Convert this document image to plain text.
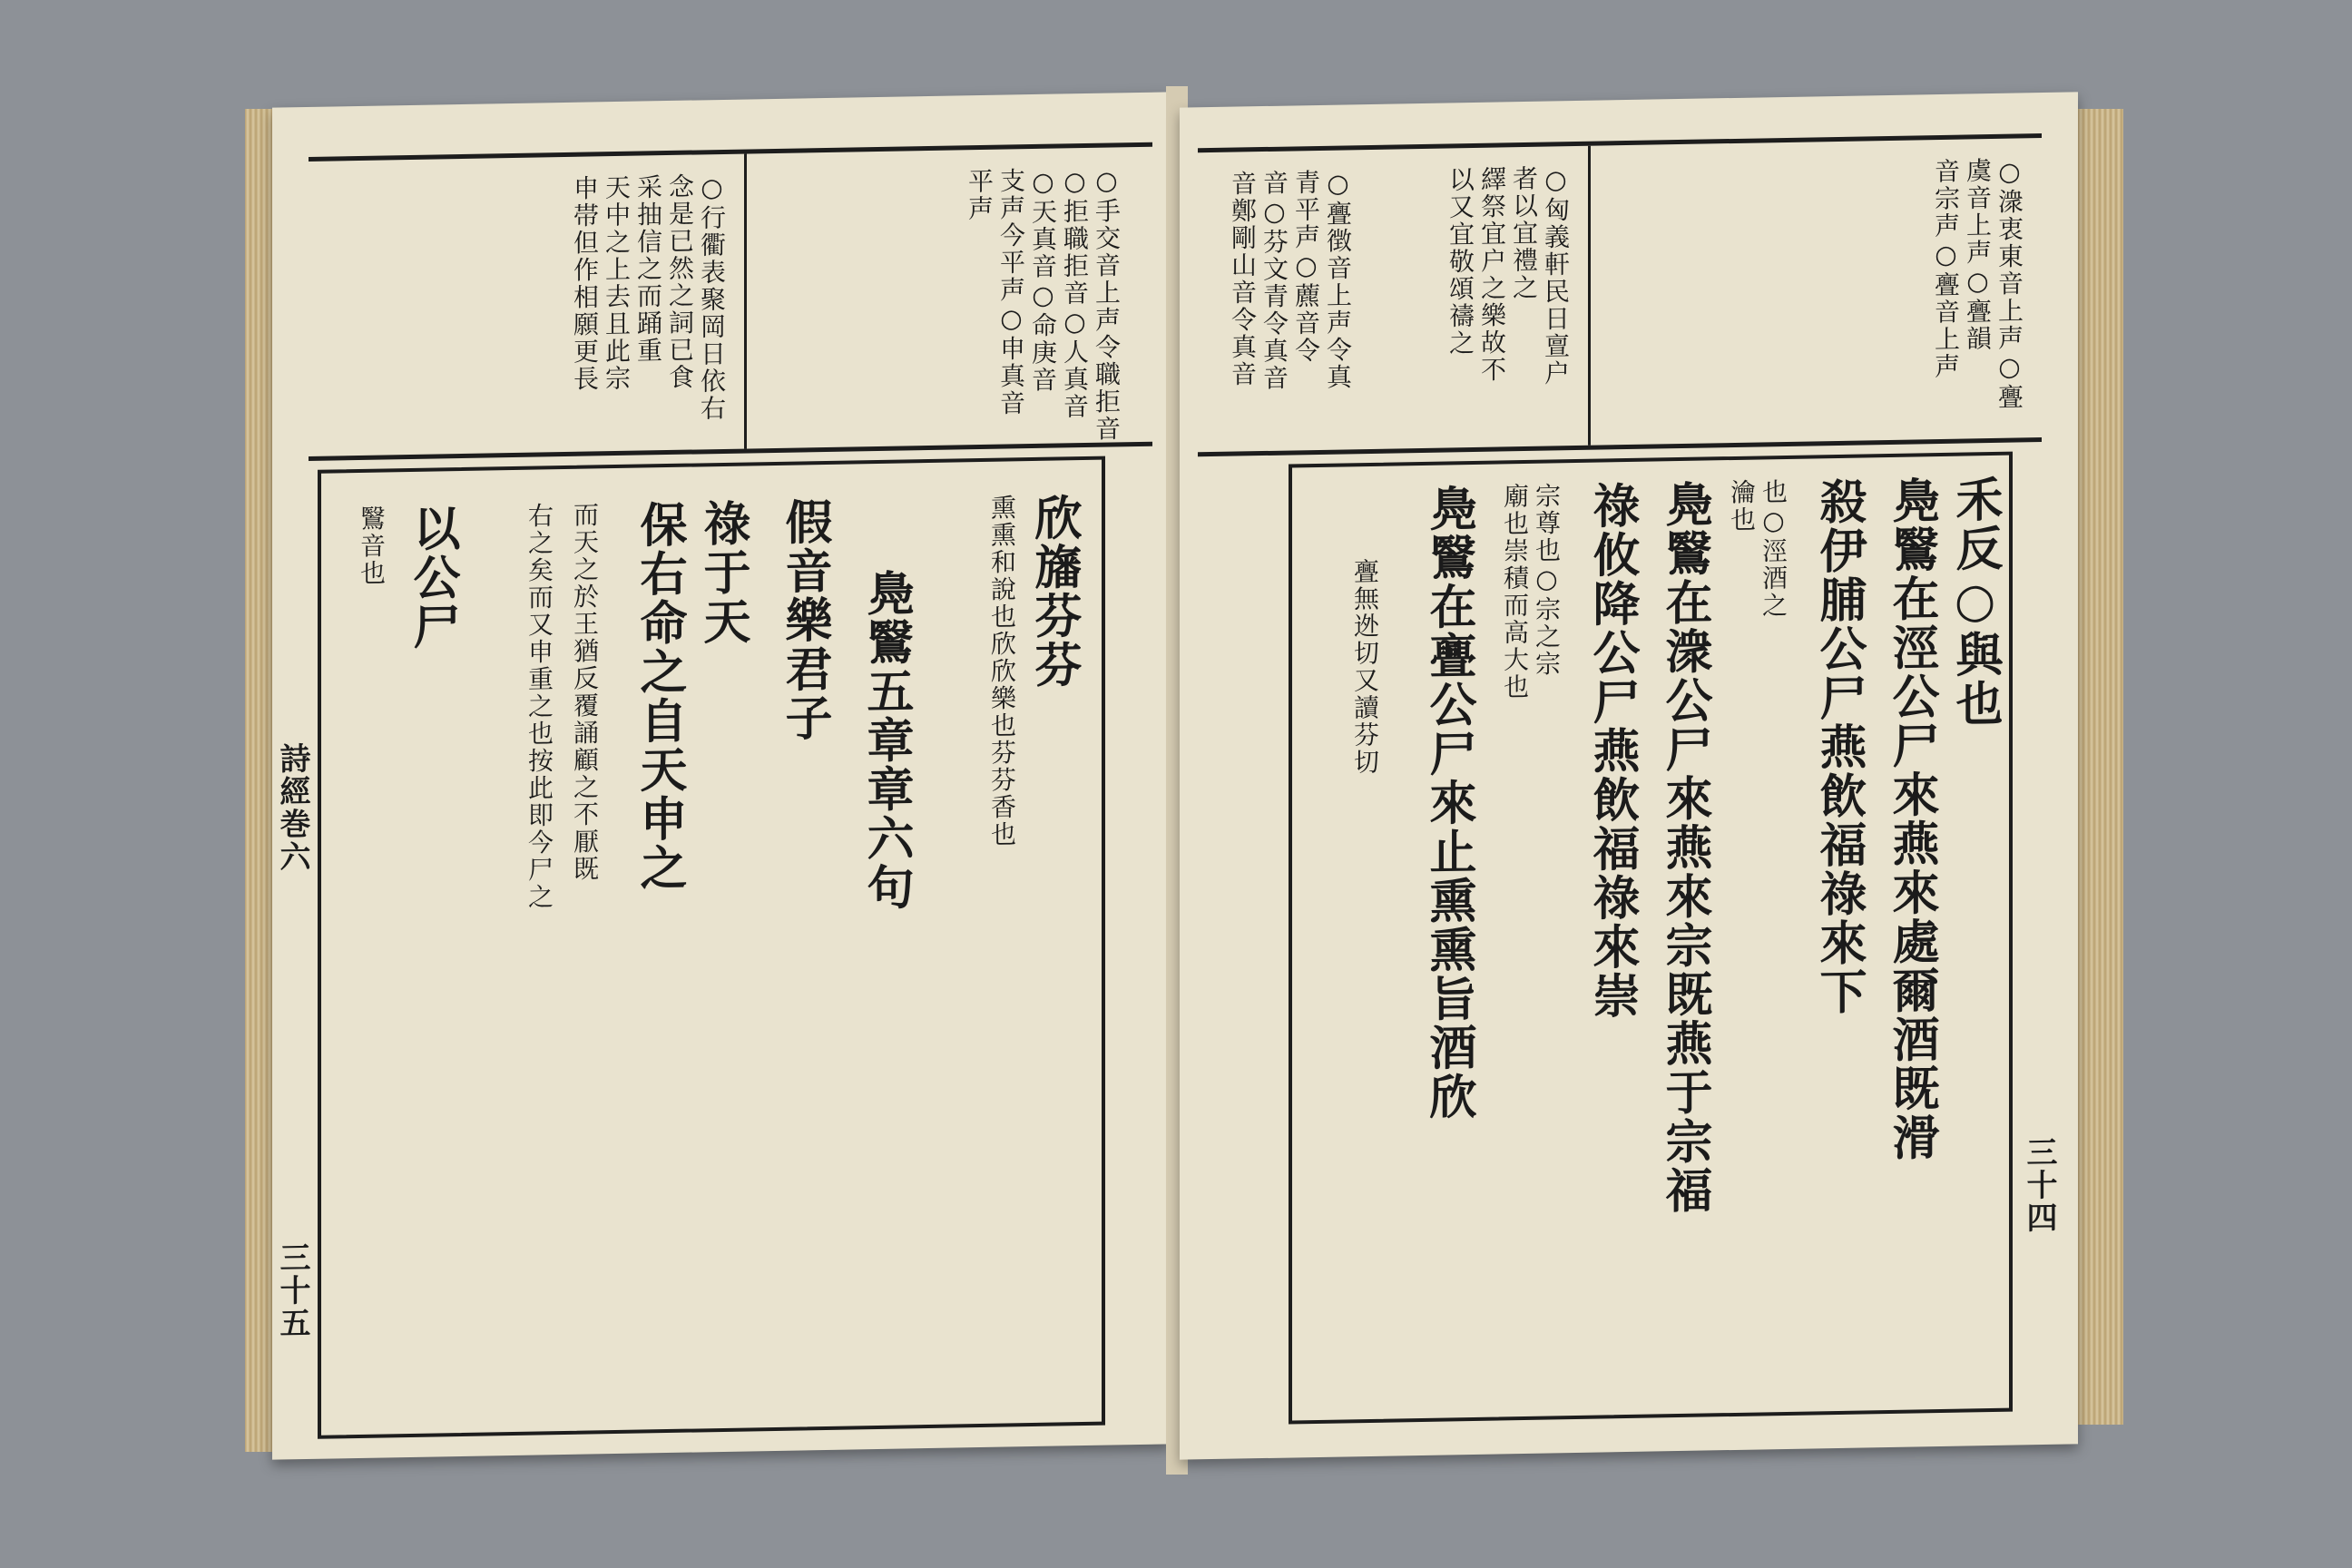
○手交音上声令職拒音
○拒職拒音○人真音
○天真音○命庚音
支声今平声○申真音
平声
○行衢表聚岡日依右
念是已然之詞已食
采抽信之而踊重
天中之上去且此宗
申帯但作相願更長
欣旛芬芬
熏熏和說也欣欣樂也芬芬香也
鳧鷖五章章六句
假音樂君子
祿于天
保右命之自天申之
而天之於王猶反覆誦顧之不厭既
右之矣而又申重之也按此即今尸之
以公尸
鷖音也
詩經巻六
三十五
○潨衷東音上声○亹
虞音上声○亹韻
音宗声○亹音上声
○匈義軒民日亶户
者以宜禮之
繹祭宜户之樂故不
以又宜敬頌禱之
○亹徴音上声令真
青平声○藨音令
音○芬文青令真音
音鄭剛山音令真音
禾反○與也
鳧鷖在涇公尸來燕來處爾酒既滑
殺伊脯公尸燕飲福祿來下
也○涇酒之
瀹也
鳧鷖在潨公尸來燕來宗既燕于宗福
祿攸降公尸燕飲福祿來崇
宗尊也○宗之宗
廟也崇積而高大也
鳧鷖在亹公尸來止熏熏旨酒欣
亹無迯切又讀芬切
三十四
